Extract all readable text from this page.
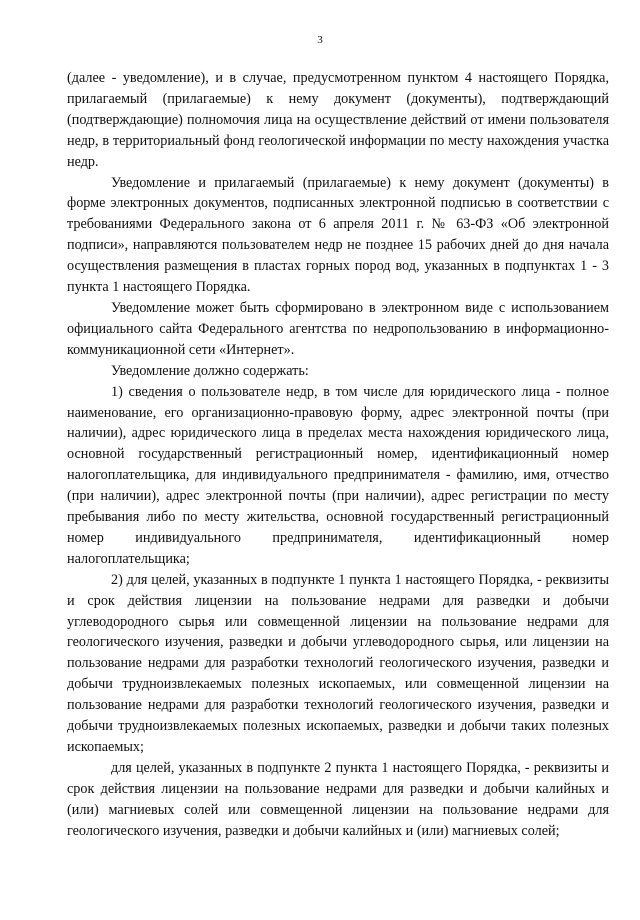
3

(далее - уведомление), и в случае, предусмотренном пунктом 4 настоящего Порядка, прилагаемый (прилагаемые) к нему документ (документы), подтверждающий (подтверждающие) полномочия лица на осуществление действий от имени пользователя недр, в территориальный фонд геологической информации по месту нахождения участка недр.

Уведомление и прилагаемый (прилагаемые) к нему документ (документы) в форме электронных документов, подписанных электронной подписью в соответствии с требованиями Федерального закона от 6 апреля 2011 г. № 63-ФЗ «Об электронной подписи», направляются пользователем недр не позднее 15 рабочих дней до дня начала осуществления размещения в пластах горных пород вод, указанных в подпунктах 1 - 3 пункта 1 настоящего Порядка.

Уведомление может быть сформировано в электронном виде с использованием официального сайта Федерального агентства по недропользованию в информационно-коммуникационной сети «Интернет».

Уведомление должно содержать:

1) сведения о пользователе недр, в том числе для юридического лица - полное наименование, его организационно-правовую форму, адрес электронной почты (при наличии), адрес юридического лица в пределах места нахождения юридического лица, основной государственный регистрационный номер, идентификационный номер налогоплательщика, для индивидуального предпринимателя - фамилию, имя, отчество (при наличии), адрес электронной почты (при наличии), адрес регистрации по месту пребывания либо по месту жительства, основной государственный регистрационный номер индивидуального предпринимателя, идентификационный номер налогоплательщика;

2) для целей, указанных в подпункте 1 пункта 1 настоящего Порядка, - реквизиты и срок действия лицензии на пользование недрами для разведки и добычи углеводородного сырья или совмещенной лицензии на пользование недрами для геологического изучения, разведки и добычи углеводородного сырья, или лицензии на пользование недрами для разработки технологий геологического изучения, разведки и добычи трудноизвлекаемых полезных ископаемых, или совмещенной лицензии на пользование недрами для разработки технологий геологического изучения, разведки и добычи трудноизвлекаемых полезных ископаемых, разведки и добычи таких полезных ископаемых;

для целей, указанных в подпункте 2 пункта 1 настоящего Порядка, - реквизиты и срок действия лицензии на пользование недрами для разведки и добычи калийных и (или) магниевых солей или совмещенной лицензии на пользование недрами для геологического изучения, разведки и добычи калийных и (или) магниевых солей;
